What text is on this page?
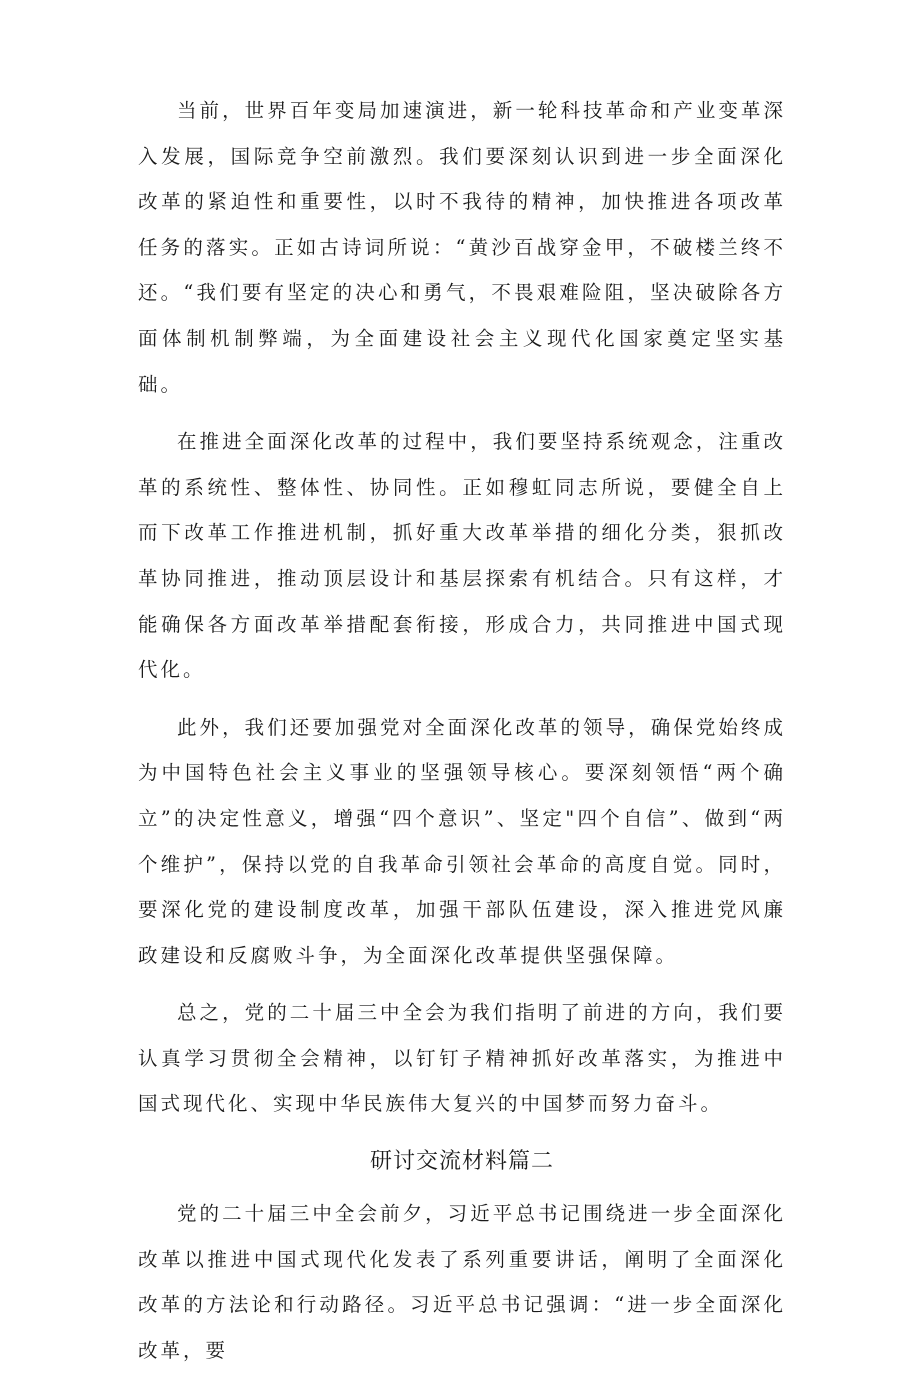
当前，世界百年变局加速演进，新一轮科技革命和产业变革深入发展，国际竞争空前激烈。我们要深刻认识到进一步全面深化改革的紧迫性和重要性，以时不我待的精神，加快推进各项改革任务的落实。正如古诗词所说：“黄沙百战穿金甲，不破楼兰终不还。“我们要有坚定的决心和勇气，不畏艰难险阻，坚决破除各方面体制机制弊端，为全面建设社会主义现代化国家奠定坚实基础。

在推进全面深化改革的过程中，我们要坚持系统观念，注重改革的系统性、整体性、协同性。正如穆虹同志所说，要健全自上而下改革工作推进机制，抓好重大改革举措的细化分类，狠抓改革协同推进，推动顶层设计和基层探索有机结合。只有这样，才能确保各方面改革举措配套衔接，形成合力，共同推进中国式现代化。

此外，我们还要加强党对全面深化改革的领导，确保党始终成为中国特色社会主义事业的坚强领导核心。要深刻领悟“两个确立”的决定性意义，增强“四个意识”、坚定"四个自信”、做到“两个维护”，保持以党的自我革命引领社会革命的高度自觉。同时，要深化党的建设制度改革，加强干部队伍建设，深入推进党风廉政建设和反腐败斗争，为全面深化改革提供坚强保障。

总之，党的二十届三中全会为我们指明了前进的方向，我们要认真学习贯彻全会精神，以钉钉子精神抓好改革落实，为推进中国式现代化、实现中华民族伟大复兴的中国梦而努力奋斗。

研讨交流材料篇二

党的二十届三中全会前夕，习近平总书记围绕进一步全面深化改革以推进中国式现代化发表了系列重要讲话，阐明了全面深化改革的方法论和行动路径。习近平总书记强调：“进一步全面深化改革，要
